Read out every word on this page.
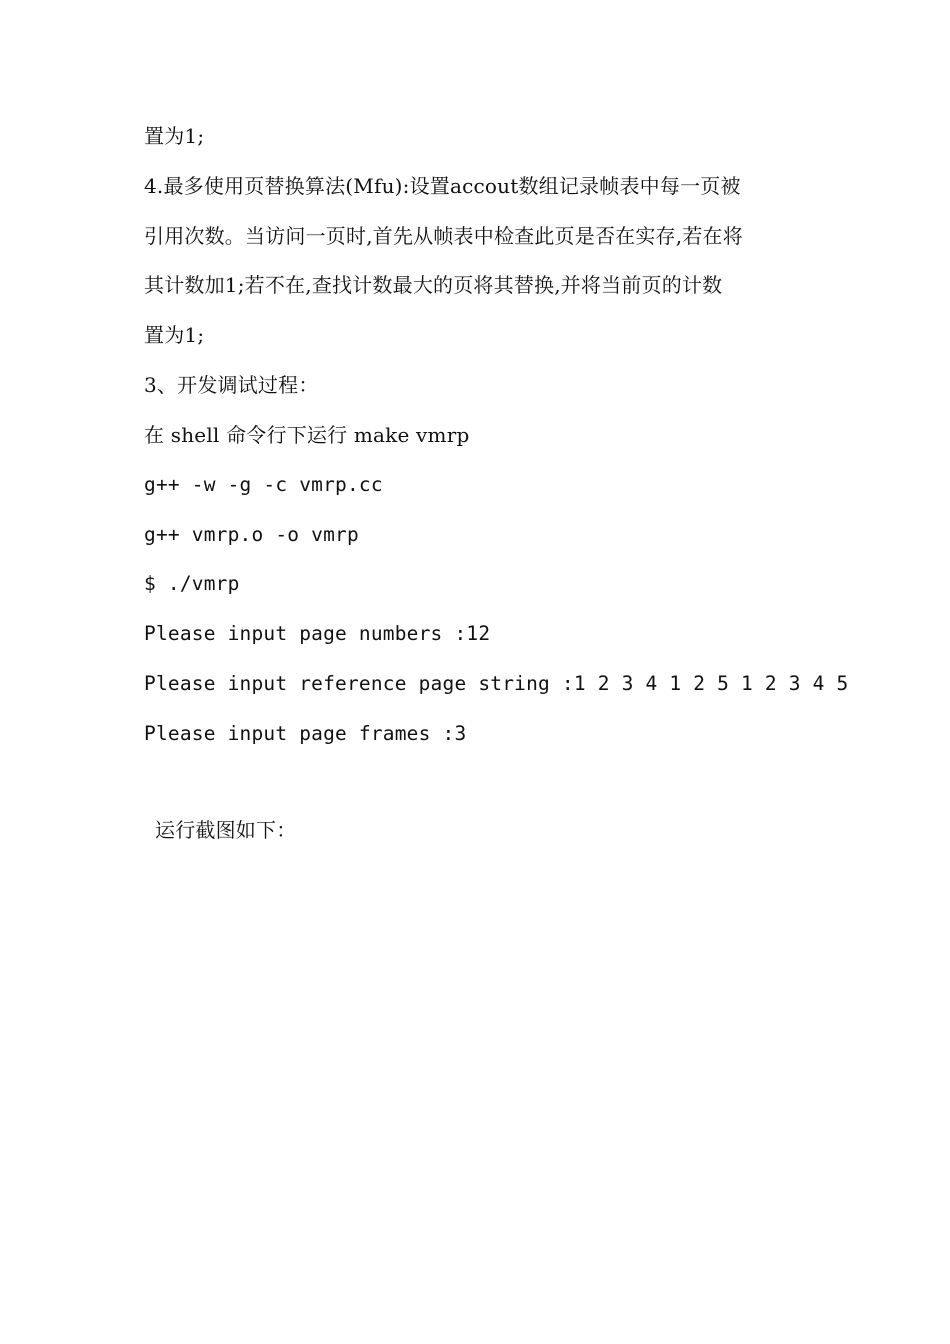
置为1;
4.最多使用页替换算法(Mfu):设置accout数组记录帧表中每一页被
引用次数。当访问一页时,首先从帧表中检查此页是否在实存,若在将
其计数加1;若不在,查找计数最大的页将其替换,并将当前页的计数
置为1;
3、开发调试过程：
在 shell 命令行下运行 make vmrp
g++ -w -g -c vmrp.cc
g++ vmrp.o -o vmrp
$ ./vmrp
Please input page numbers :12
Please input reference page string :1 2 3 4 1 2 5 1 2 3 4 5
Please input page frames :3
运行截图如下：
